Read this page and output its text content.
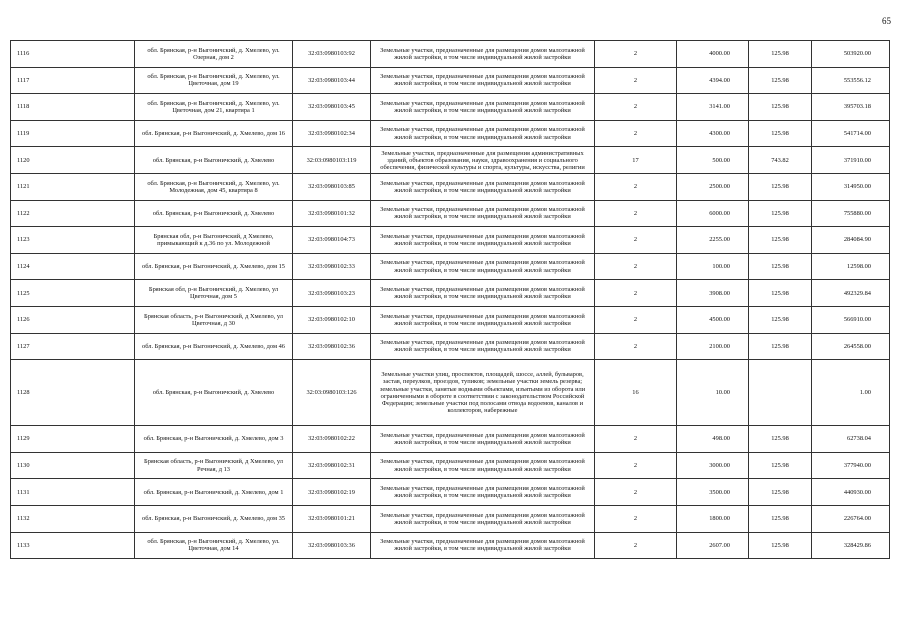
65
1116	обл. Брянская, р-н Выгоничский, д. Хмелево, ул. Озерная, дом 2	32:03:0980103:92	Земельные участки, предназначенные для размещения домов малоэтажной жилой застройки, в том числе индивидуальной жилой застройки	2	4000.00	125.98	503920.00
1117	обл. Брянская, р-н Выгоничский, д. Хмелево, ул. Цветочная, дом 19	32:03:0980103:44	Земельные участки, предназначенные для размещения домов малоэтажной жилой застройки, в том числе индивидуальной жилой застройки	2	4394.00	125.98	553556.12
1118	обл. Брянская, р-н Выгоничский, д. Хмелево, ул. Цветочная, дом 21, квартира 1	32:03:0980103:45	Земельные участки, предназначенные для размещения домов малоэтажной жилой застройки, в том числе индивидуальной жилой застройки	2	3141.00	125.98	395703.18
1119	обл. Брянская, р-н Выгоничский, д. Хмелево, дом 16	32:03:0980102:34	Земельные участки, предназначенные для размещения домов малоэтажной жилой застройки, в том числе индивидуальной жилой застройки	2	4300.00	125.98	541714.00
1120	обл. Брянская, р-н Выгоничский, д. Хмелево	32:03:0980103:119	Земельные участки, предназначенные для размещения административных зданий, объектов образования, науки, здравоохранения и социального обеспечения, физической культуры и спорта, культуры, искусства, религии	17	500.00	743.82	371910.00
1121	обл. Брянская, р-н Выгоничский, д. Хмелево, ул. Молодежная, дом 45, квартира 8	32:03:0980103:85	Земельные участки, предназначенные для размещения домов малоэтажной жилой застройки, в том числе индивидуальной жилой застройки	2	2500.00	125.98	314950.00
1122	обл. Брянская, р-н Выгоничский, д. Хмелево	32:03:0980101:32	Земельные участки, предназначенные для размещения домов малоэтажной жилой застройки, в том числе индивидуальной жилой застройки	2	6000.00	125.98	755880.00
1123	Брянская обл, р-н Выгоничский, д Хмелево, примыкающий к д.36 по ул. Молодежной	32:03:0980104:73	Земельные участки, предназначенные для размещения домов малоэтажной жилой застройки, в том числе индивидуальной жилой застройки	2	2255.00	125.98	284084.90
1124	обл. Брянская, р-н Выгоничский, д. Хмелево, дом 15	32:03:0980102:33	Земельные участки, предназначенные для размещения домов малоэтажной жилой застройки, в том числе индивидуальной жилой застройки	2	100.00	125.98	12598.00
1125	Брянская обл, р-н Выгоничский, д. Хмелево, ул Цветочная, дом 5	32:03:0980103:23	Земельные участки, предназначенные для размещения домов малоэтажной жилой застройки, в том числе индивидуальной жилой застройки	2	3908.00	125.98	492329.84
1126	Брянская область, р-н Выгоничский, д Хмелево, ул Цветочная, д 30	32:03:0980102:10	Земельные участки, предназначенные для размещения домов малоэтажной жилой застройки, в том числе индивидуальной жилой застройки	2	4500.00	125.98	566910.00
1127	обл. Брянская, р-н Выгоничский, д. Хмелево, дом 46	32:03:0980102:36	Земельные участки, предназначенные для размещения домов малоэтажной жилой застройки, в том числе индивидуальной жилой застройки	2	2100.00	125.98	264558.00
1128	обл. Брянская, р-н Выгоничский, д. Хмелево	32:03:0980103:126	Земельные участки улиц, проспектов, площадей, шоссе, аллей, бульваров, застав, переулков, проездов, тупиков; земельные участки земель резерва; земельные участки, занятые водными объектами, изъятыми из оборота или ограниченными в обороте в соответствии с законодательством Российской Федерации; земельные участки под полосами отвода водоемов, каналов и коллекторов, набережные	16	10.00		1.00
1129	обл. Брянская, р-н Выгоничский, д. Хмелево, дом 3	32:03:0980102:22	Земельные участки, предназначенные для размещения домов малоэтажной жилой застройки, в том числе индивидуальной жилой застройки	2	498.00	125.98	62738.04
1130	Брянская область, р-н Выгоничский, д Хмелево, ул Речная, д 13	32:03:0980102:31	Земельные участки, предназначенные для размещения домов малоэтажной жилой застройки, в том числе индивидуальной жилой застройки	2	3000.00	125.98	377940.00
1131	обл. Брянская, р-н Выгоничский, д. Хмелево, дом 1	32:03:0980102:19	Земельные участки, предназначенные для размещения домов малоэтажной жилой застройки, в том числе индивидуальной жилой застройки	2	3500.00	125.98	440930.00
1132	обл. Брянская, р-н Выгоничский, д. Хмелево, дом 35	32:03:0980101:21	Земельные участки, предназначенные для размещения домов малоэтажной жилой застройки, в том числе индивидуальной жилой застройки	2	1800.00	125.98	226764.00
1133	обл. Брянская, р-н Выгоничский, д. Хмелево, ул. Цветочная, дом 14	32:03:0980103:36	Земельные участки, предназначенные для размещения домов малоэтажной жилой застройки, в том числе индивидуальной жилой застройки	2	2607.00	125.98	328429.86
